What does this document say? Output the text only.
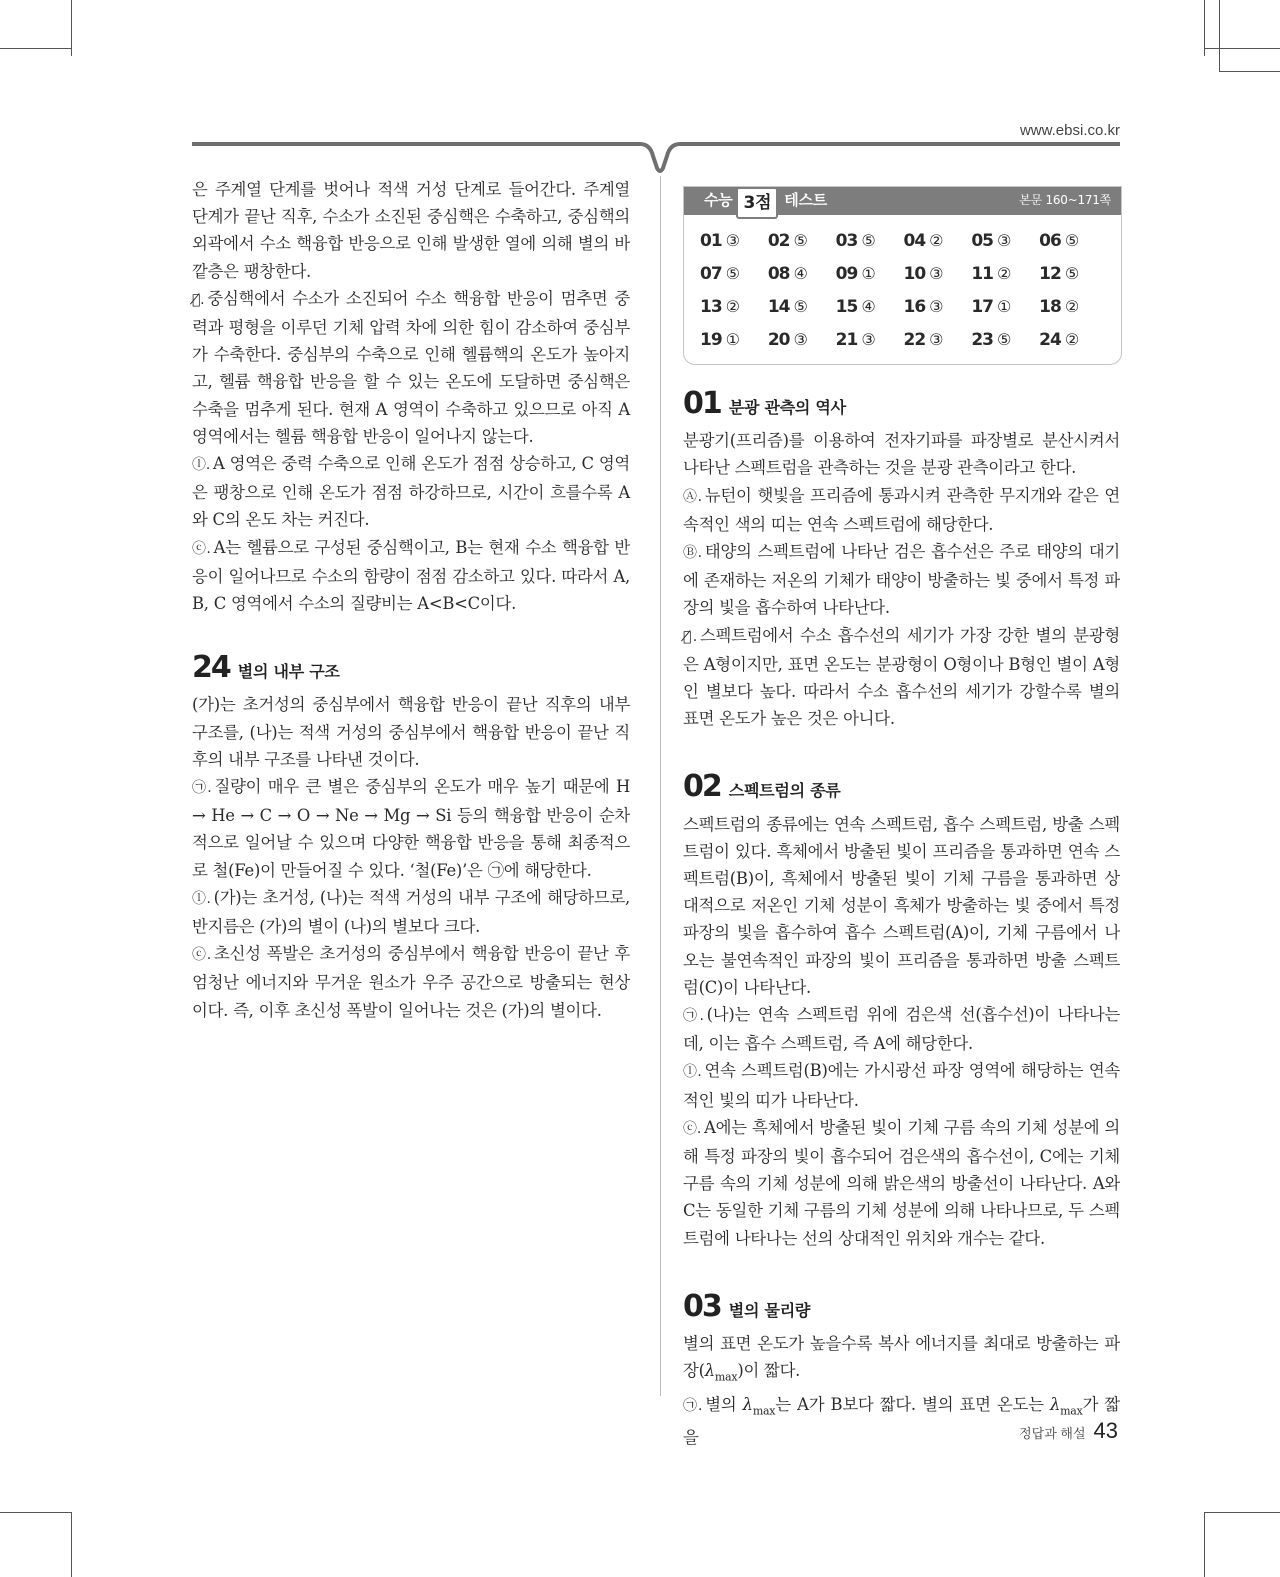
www.ebsi.co.kr

은 주계열 단계를 벗어나 적색 거성 단계로 들어간다. 주계열 단계가 끝난 직후, 수소가 소진된 중심핵은 수축하고, 중심핵의 외곽에서 수소 핵융합 반응으로 인해 발생한 열에 의해 별의 바깥층은 팽창한다.

ㄱ̸. 중심핵에서 수소가 소진되어 수소 핵융합 반응이 멈추면 중력과 평형을 이루던 기체 압력 차에 의한 힘이 감소하여 중심부가 수축한다. 중심부의 수축으로 인해 헬륨핵의 온도가 높아지고, 헬륨 핵융합 반응을 할 수 있는 온도에 도달하면 중심핵은 수축을 멈추게 된다. 현재 A 영역이 수축하고 있으므로 아직 A 영역에서는 헬륨 핵융합 반응이 일어나지 않는다.

ⓛ. A 영역은 중력 수축으로 인해 온도가 점점 상승하고, C 영역은 팽창으로 인해 온도가 점점 하강하므로, 시간이 흐를수록 A와 C의 온도 차는 커진다.

ⓒ. A는 헬륨으로 구성된 중심핵이고, B는 현재 수소 핵융합 반응이 일어나므로 수소의 함량이 점점 감소하고 있다. 따라서 A, B, C 영역에서 수소의 질량비는 A<B<C이다.

24 별의 내부 구조

(가)는 초거성의 중심부에서 핵융합 반응이 끝난 직후의 내부 구조를, (나)는 적색 거성의 중심부에서 핵융합 반응이 끝난 직후의 내부 구조를 나타낸 것이다.

㉠. 질량이 매우 큰 별은 중심부의 온도가 매우 높기 때문에 H → He → C → O → Ne → Mg → Si 등의 핵융합 반응이 순차적으로 일어날 수 있으며 다양한 핵융합 반응을 통해 최종적으로 철(Fe)이 만들어질 수 있다. ‘철(Fe)’은 ㉠에 해당한다.

ⓛ. (가)는 초거성, (나)는 적색 거성의 내부 구조에 해당하므로, 반지름은 (가)의 별이 (나)의 별보다 크다.

ⓒ. 초신성 폭발은 초거성의 중심부에서 핵융합 반응이 끝난 후 엄청난 에너지와 무거운 원소가 우주 공간으로 방출되는 현상이다. 즉, 이후 초신성 폭발이 일어나는 것은 (가)의 별이다.

수능 3점 테스트	본문 160~171쪽
01 ③	02 ⑤	03 ⑤	04 ②	05 ③	06 ⑤
07 ⑤	08 ④	09 ①	10 ③	11 ②	12 ⑤
13 ②	14 ⑤	15 ④	16 ③	17 ①	18 ②
19 ①	20 ③	21 ③	22 ③	23 ⑤	24 ②
01 분광 관측의 역사

분광기(프리즘)를 이용하여 전자기파를 파장별로 분산시켜서 나타난 스펙트럼을 관측하는 것을 분광 관측이라고 한다.

Ⓐ. 뉴턴이 햇빛을 프리즘에 통과시켜 관측한 무지개와 같은 연속적인 색의 띠는 연속 스펙트럼에 해당한다.

Ⓑ. 태양의 스펙트럼에 나타난 검은 흡수선은 주로 태양의 대기에 존재하는 저온의 기체가 태양이 방출하는 빛 중에서 특정 파장의 빛을 흡수하여 나타난다.

Ⓒ̸. 스펙트럼에서 수소 흡수선의 세기가 가장 강한 별의 분광형은 A형이지만, 표면 온도는 분광형이 O형이나 B형인 별이 A형인 별보다 높다. 따라서 수소 흡수선의 세기가 강할수록 별의 표면 온도가 높은 것은 아니다.

02 스펙트럼의 종류

스펙트럼의 종류에는 연속 스펙트럼, 흡수 스펙트럼, 방출 스펙트럼이 있다. 흑체에서 방출된 빛이 프리즘을 통과하면 연속 스펙트럼(B)이, 흑체에서 방출된 빛이 기체 구름을 통과하면 상대적으로 저온인 기체 성분이 흑체가 방출하는 빛 중에서 특정 파장의 빛을 흡수하여 흡수 스펙트럼(A)이, 기체 구름에서 나오는 불연속적인 파장의 빛이 프리즘을 통과하면 방출 스펙트럼(C)이 나타난다.

㉠. (나)는 연속 스펙트럼 위에 검은색 선(흡수선)이 나타나는데, 이는 흡수 스펙트럼, 즉 A에 해당한다.

ⓛ. 연속 스펙트럼(B)에는 가시광선 파장 영역에 해당하는 연속적인 빛의 띠가 나타난다.

ⓒ. A에는 흑체에서 방출된 빛이 기체 구름 속의 기체 성분에 의해 특정 파장의 빛이 흡수되어 검은색의 흡수선이, C에는 기체 구름 속의 기체 성분에 의해 밝은색의 방출선이 나타난다. A와 C는 동일한 기체 구름의 기체 성분에 의해 나타나므로, 두 스펙트럼에 나타나는 선의 상대적인 위치와 개수는 같다.

03 별의 물리량

별의 표면 온도가 높을수록 복사 에너지를 최대로 방출하는 파장$(\lambda_{max})$이 짧다.

㉠. 별의 $\lambda_{max}$는 A가 B보다 짧다. 별의 표면 온도는 $\lambda_{max}$가 짧을	정답과 해설 43
